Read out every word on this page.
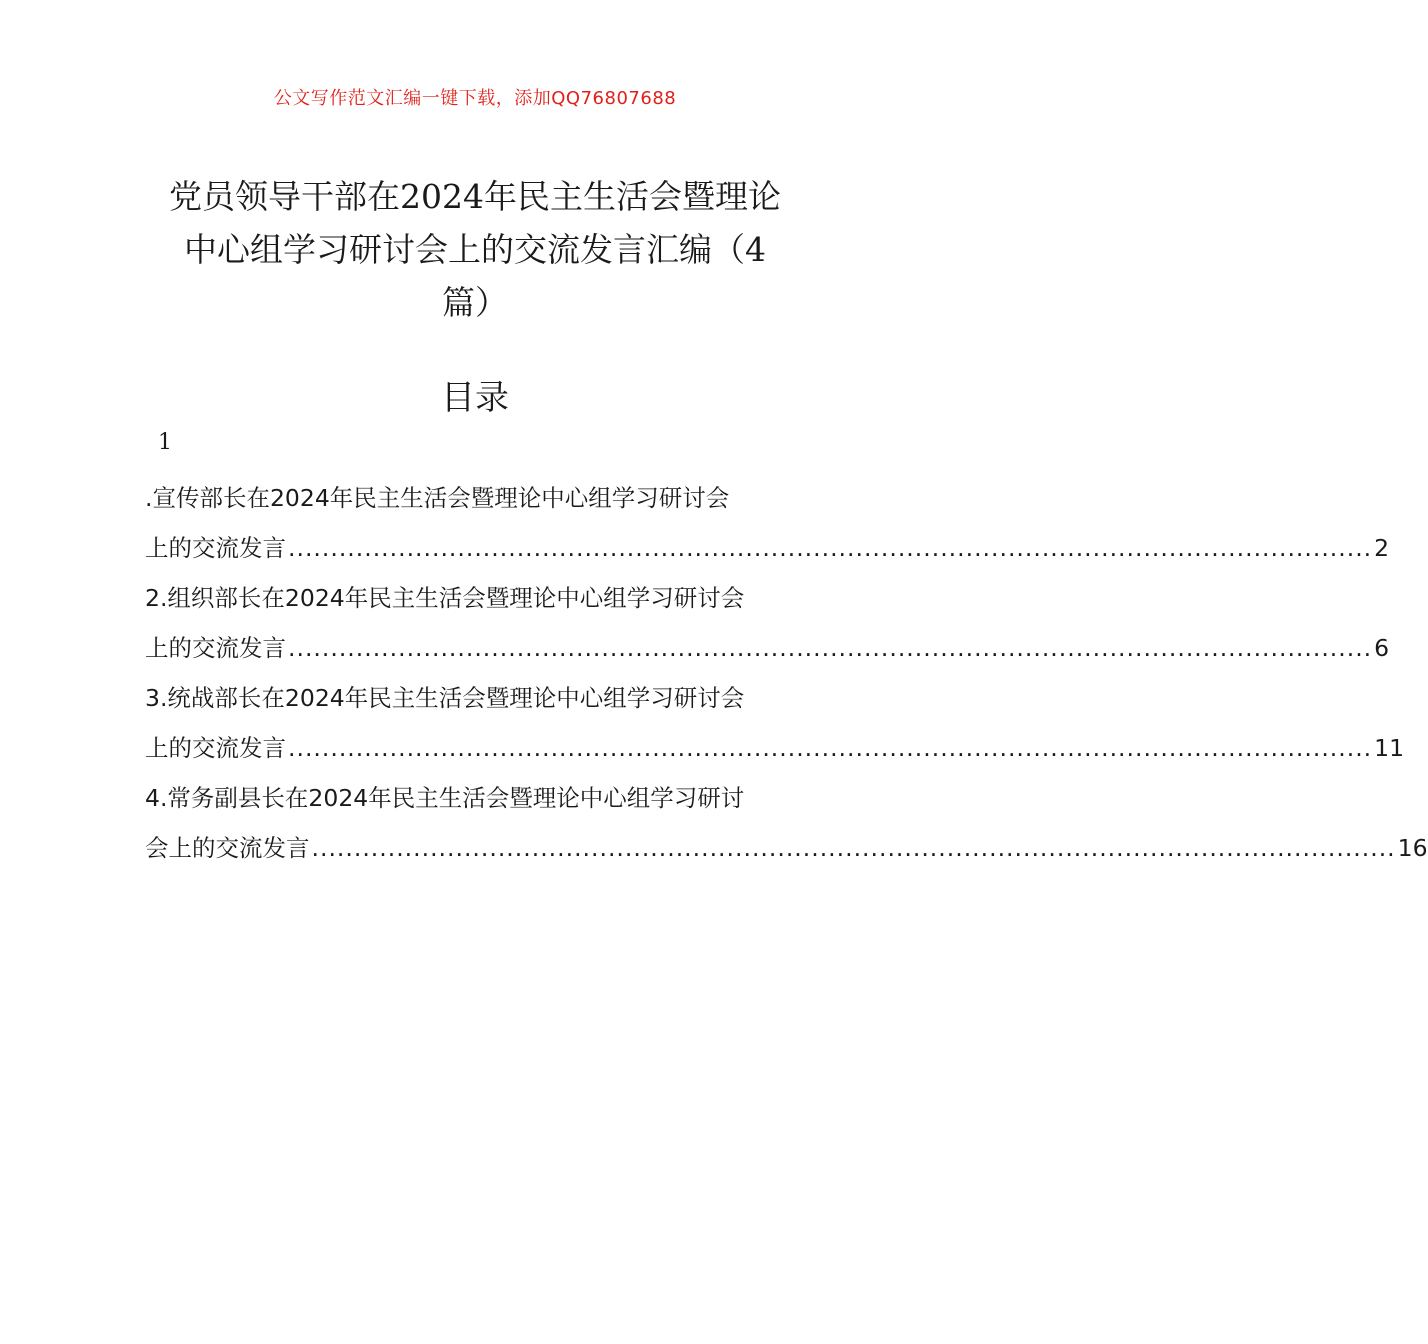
公文写作范文汇编一键下载，添加QQ76807688
党员领导干部在2024年民主生活会暨理论
中心组学习研讨会上的交流发言汇编（4
篇）
目录
1
.宣传部长在2024年民主生活会暨理论中心组学习研讨会
上的交流发言 ................................................................................................................................ 2
2.组织部长在2024年民主生活会暨理论中心组学习研讨会
上的交流发言 ................................................................................................................................ 6
3.统战部长在2024年民主生活会暨理论中心组学习研讨会
上的交流发言 ................................................................................................................................ 11
4.常务副县长在2024年民主生活会暨理论中心组学习研讨
会上的交流发言 ................................................................................................................................ 16
